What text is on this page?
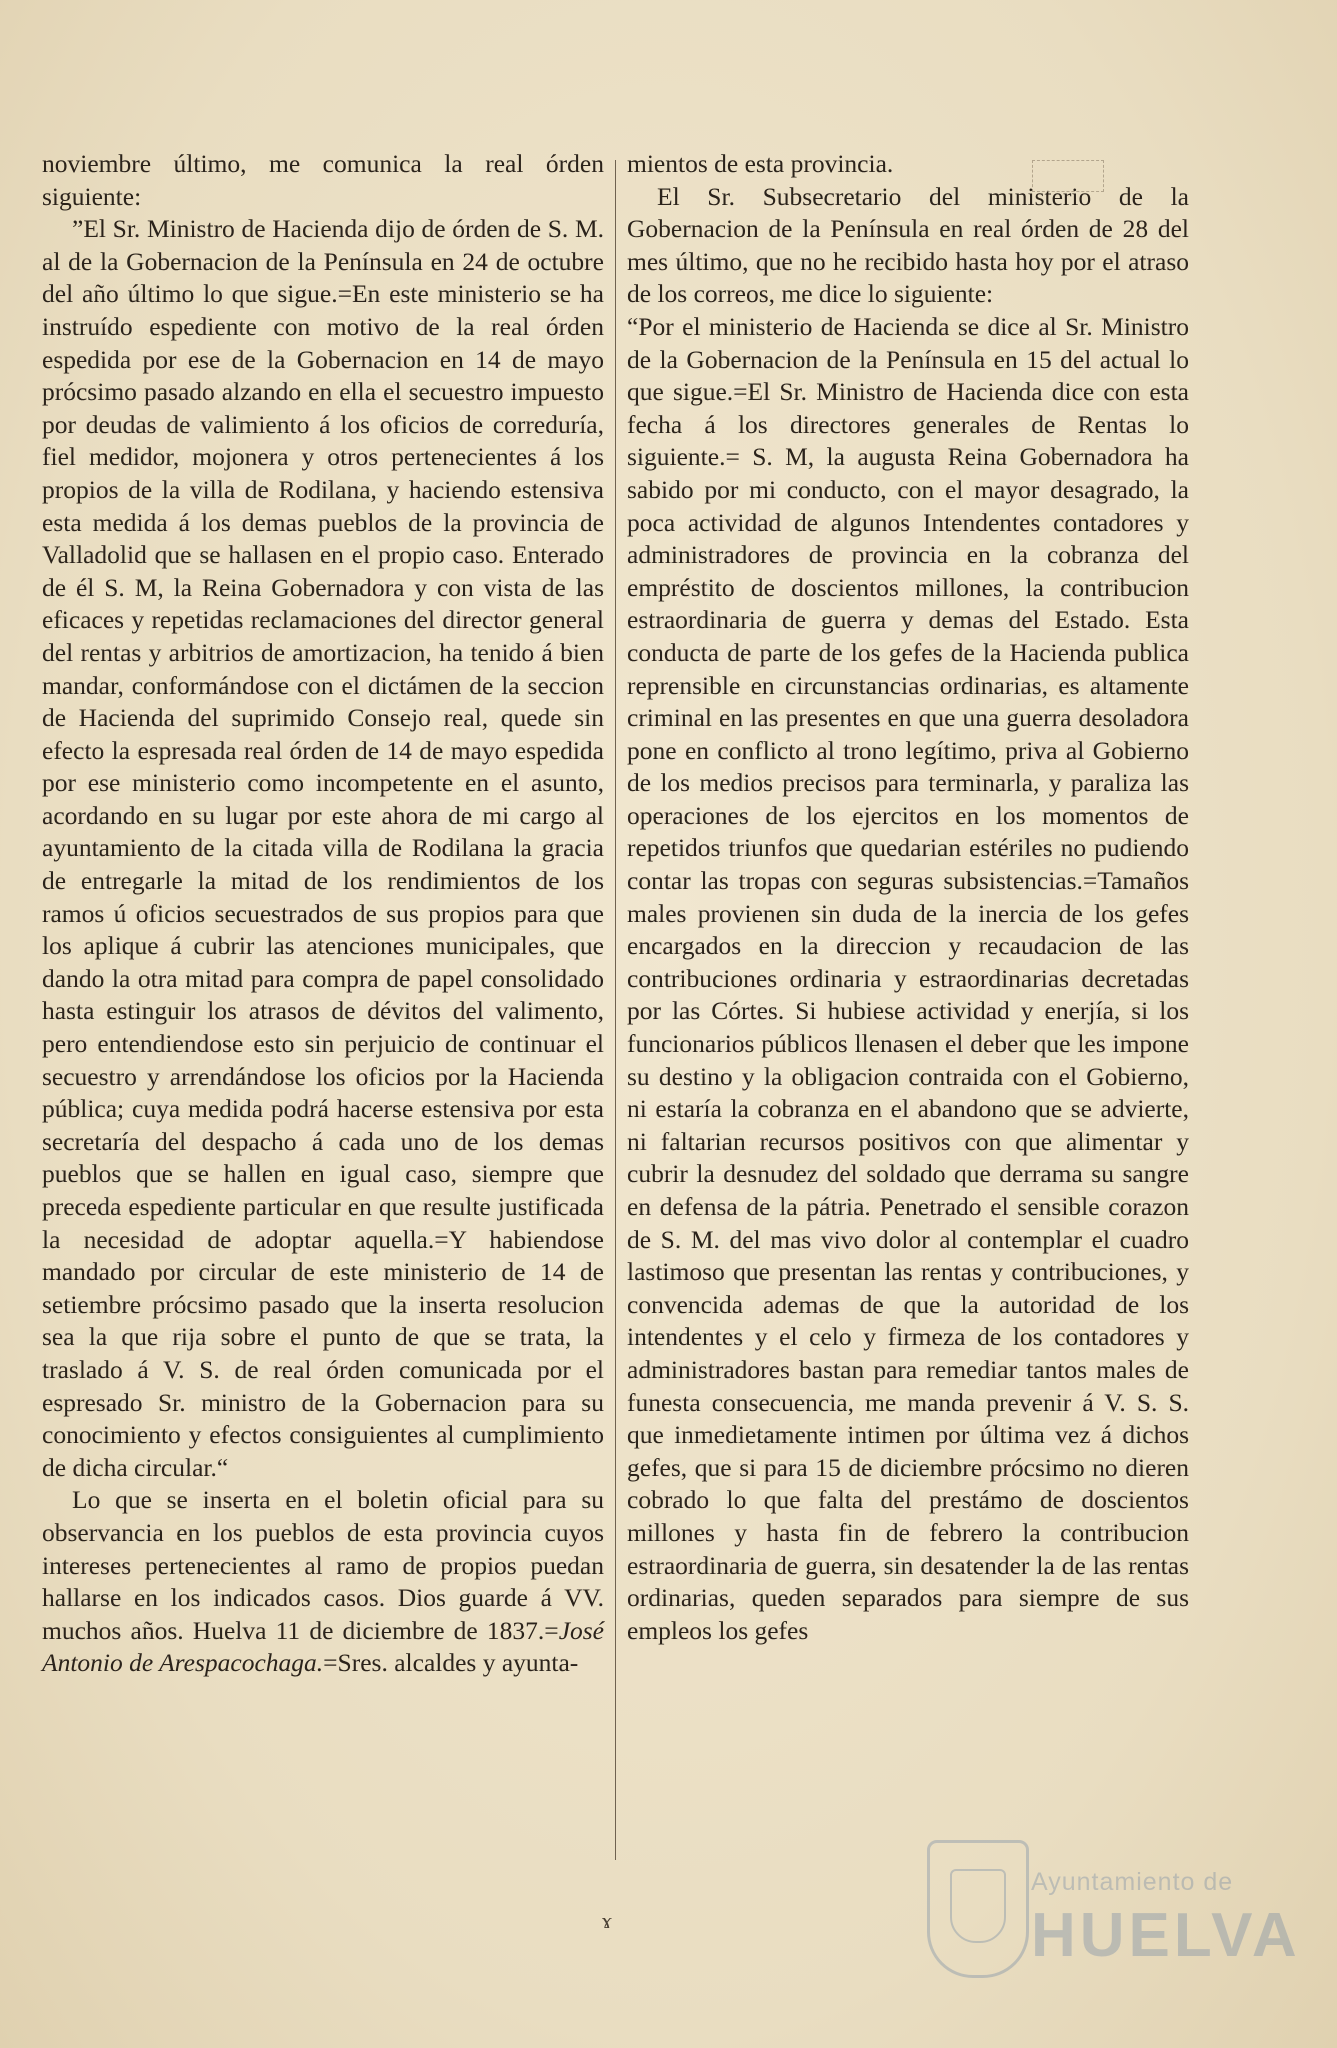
noviembre último, me comunica la real órden siguiente:

”El Sr. Ministro de Hacienda dijo de órden de S. M. al de la Gobernacion de la Península en 24 de octubre del año último lo que sigue.=En este ministerio se ha instruído espediente con motivo de la real órden espedida por ese de la Gobernacion en 14 de mayo prócsimo pasado alzando en ella el secuestro impuesto por deudas de valimiento á los oficios de correduría, fiel medidor, mojonera y otros pertenecientes á los propios de la villa de Rodilana, y haciendo estensiva esta medida á los demas pueblos de la provincia de Valladolid que se hallasen en el propio caso. Enterado de él S. M, la Reina Gobernadora y con vista de las eficaces y repetidas reclamaciones del director general del rentas y arbitrios de amortizacion, ha tenido á bien mandar, conformándose con el dictámen de la seccion de Hacienda del suprimido Consejo real, quede sin efecto la espresada real órden de 14 de mayo espedida por ese ministerio como incompetente en el asunto, acordando en su lugar por este ahora de mi cargo al ayuntamiento de la citada villa de Rodilana la gracia de entregarle la mitad de los rendimientos de los ramos ú oficios secuestrados de sus propios para que los aplique á cubrir las atenciones municipales, que dando la otra mitad para compra de papel consolidado hasta estinguir los atrasos de dévitos del valimento, pero entendiendose esto sin perjuicio de continuar el secuestro y arrendándose los oficios por la Hacienda pública; cuya medida podrá hacerse estensiva por esta secretaría del despacho á cada uno de los demas pueblos que se hallen en igual caso, siempre que preceda espediente particular en que resulte justificada la necesidad de adoptar aquella.=Y habiendose mandado por circular de este ministerio de 14 de setiembre prócsimo pasado que la inserta resolucion sea la que rija sobre el punto de que se trata, la traslado á V. S. de real órden comunicada por el espresado Sr. ministro de la Gobernacion para su conocimiento y efectos consiguientes al cumplimiento de dicha circular.“

Lo que se inserta en el boletin oficial para su observancia en los pueblos de esta provincia cuyos intereses pertenecientes al ramo de propios puedan hallarse en los indicados casos. Dios guarde á VV. muchos años. Huelva 11 de diciembre de 1837.=José Antonio de Arespacochaga.=Sres. alcaldes y ayunta-

mientos de esta provincia.

El Sr. Subsecretario del ministerio de la Gobernacion de la Península en real órden de 28 del mes último, que no he recibido hasta hoy por el atraso de los correos, me dice lo siguiente:

“Por el ministerio de Hacienda se dice al Sr. Ministro de la Gobernacion de la Península en 15 del actual lo que sigue.=El Sr. Ministro de Hacienda dice con esta fecha á los directores generales de Rentas lo siguiente.= S. M, la augusta Reina Gobernadora ha sabido por mi conducto, con el mayor desagrado, la poca actividad de algunos Intendentes contadores y administradores de provincia en la cobranza del empréstito de doscientos millones, la contribucion estraordinaria de guerra y demas del Estado. Esta conducta de parte de los gefes de la Hacienda publica reprensible en circunstancias ordinarias, es altamente criminal en las presentes en que una guerra desoladora pone en conflicto al trono legítimo, priva al Gobierno de los medios precisos para terminarla, y paraliza las operaciones de los ejercitos en los momentos de repetidos triunfos que quedarian estériles no pudiendo contar las tropas con seguras subsistencias.=Tamaños males provienen sin duda de la inercia de los gefes encargados en la direccion y recaudacion de las contribuciones ordinaria y estraordinarias decretadas por las Córtes. Si hubiese actividad y enerjía, si los funcionarios públicos llenasen el deber que les impone su destino y la obligacion contraida con el Gobierno, ni estaría la cobranza en el abandono que se advierte, ni faltarian recursos positivos con que alimentar y cubrir la desnudez del soldado que derrama su sangre en defensa de la pátria. Penetrado el sensible corazon de S. M. del mas vivo dolor al contemplar el cuadro lastimoso que presentan las rentas y contribuciones, y convencida ademas de que la autoridad de los intendentes y el celo y firmeza de los contadores y administradores bastan para remediar tantos males de funesta consecuencia, me manda prevenir á V. S. S. que inmedietamente intimen por última vez á dichos gefes, que si para 15 de diciembre prócsimo no dieren cobrado lo que falta del prestámo de doscientos millones y hasta fin de febrero la contribucion estraordinaria de guerra, sin desatender la de las rentas ordinarias, queden separados para siempre de sus empleos los gefes

ɤ
Ayuntamiento de
HUELVA
